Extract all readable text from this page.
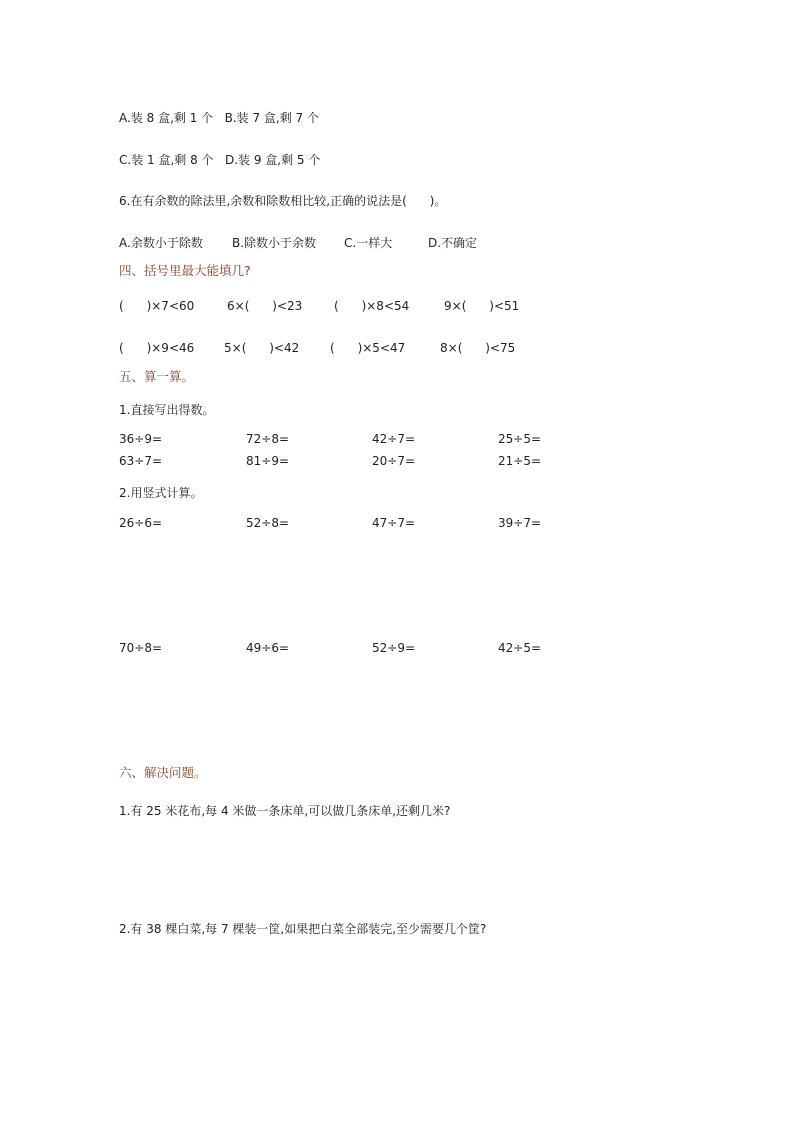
A.装 8 盒,剩 1 个   B.装 7 盒,剩 7 个
C.装 1 盒,剩 8 个   D.装 9 盒,剩 5 个
6.在有余数的除法里,余数和除数相比较,正确的说法是(      )。
A.余数小于除数 B.除数小于余数 C.一样大	D.不确定
四、括号里最大能填几?
(      )×7<60	6×(      )<23	(      )×8<54	9×(      )<51
(      )×9<46 5×(      )<42	(      )×5<47	8×(      )<75
五、算一算。
1.直接写出得数。
36÷9=	72÷8=	42÷7=	25÷5=
63÷7=	81÷9=	20÷7=	21÷5=
2.用竖式计算。
26÷6=	52÷8=	47÷7=	39÷7=
70÷8=	49÷6=	52÷9=	42÷5=
六、解决问题。
1.有 25 米花布,每 4 米做一条床单,可以做几条床单,还剩几米?
2.有 38 棵白菜,每 7 棵装一筐,如果把白菜全部装完,至少需要几个筐?
